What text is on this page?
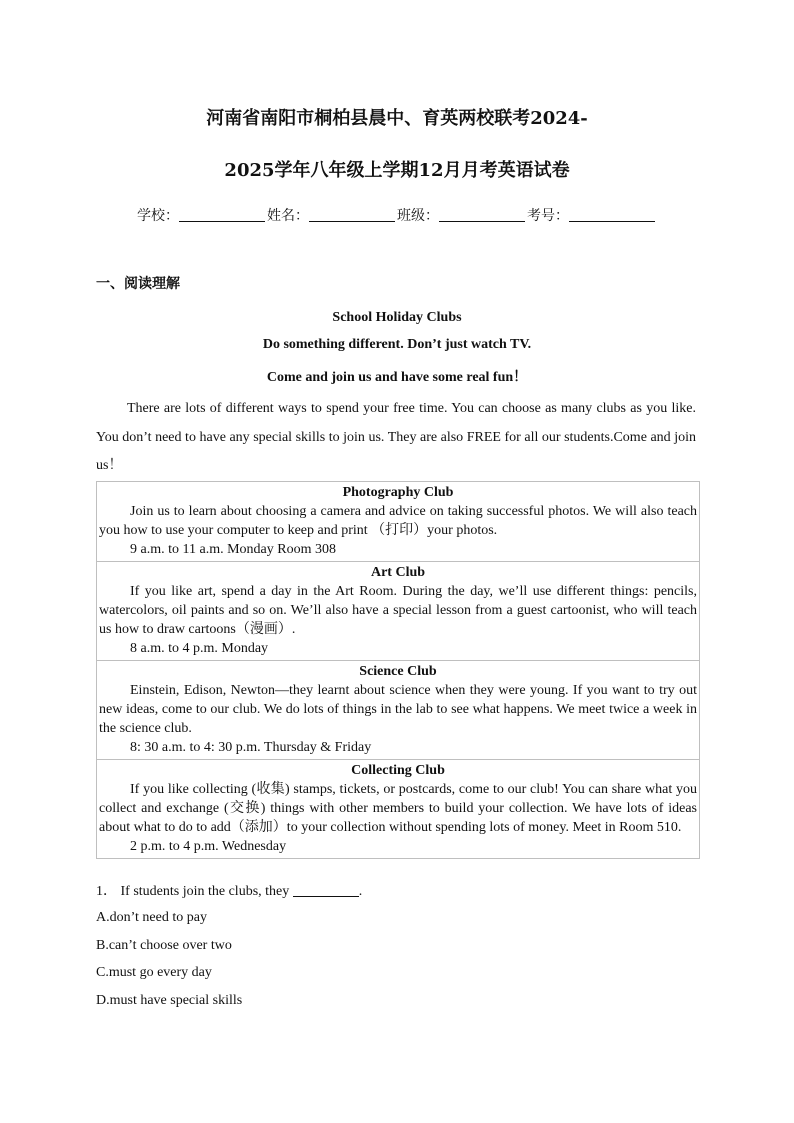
河南省南阳市桐柏县晨中、育英两校联考2024-
2025学年八年级上学期12月月考英语试卷
学校：	姓名：	班级：	考号：
一、阅读理解
School Holiday Clubs
Do something different. Don’t just watch TV.
Come and join us and have some real fun！
There are lots of different ways to spend your free time. You can choose as many clubs as you like. You don’t need to have any special skills to join us. They are also FREE for all our students.Come and join us！
Photography Club
Join us to learn about choosing a camera and advice on taking successful photos. We will also teach you how to use your computer to keep and print （打印）your photos.
9 a.m. to 11 a.m. Monday Room 308

Art Club
If you like art, spend a day in the Art Room. During the day, we’ll use different things: pencils, watercolors, oil paints and so on. We’ll also have a special lesson from a guest cartoonist, who will teach us how to draw cartoons（漫画）.
8 a.m. to 4 p.m. Monday

Science Club
Einstein, Edison, Newton—they learnt about science when they were young. If you want to try out new ideas, come to our club. We do lots of things in the lab to see what happens. We meet twice a week in the science club.
8: 30 a.m. to 4: 30 p.m. Thursday & Friday

Collecting Club
If you like collecting (收集) stamps, tickets, or postcards, come to our club! You can share what you collect and exchange (交换) things with other members to build your collection. We have lots of ideas about what to do to add（添加）to your collection without spending lots of money. Meet in Room 510.
2 p.m. to 4 p.m. Wednesday
1． If students join the clubs, they	.
A.don’t need to pay
B.can’t choose over two
C.must go every day
D.must have special skills
